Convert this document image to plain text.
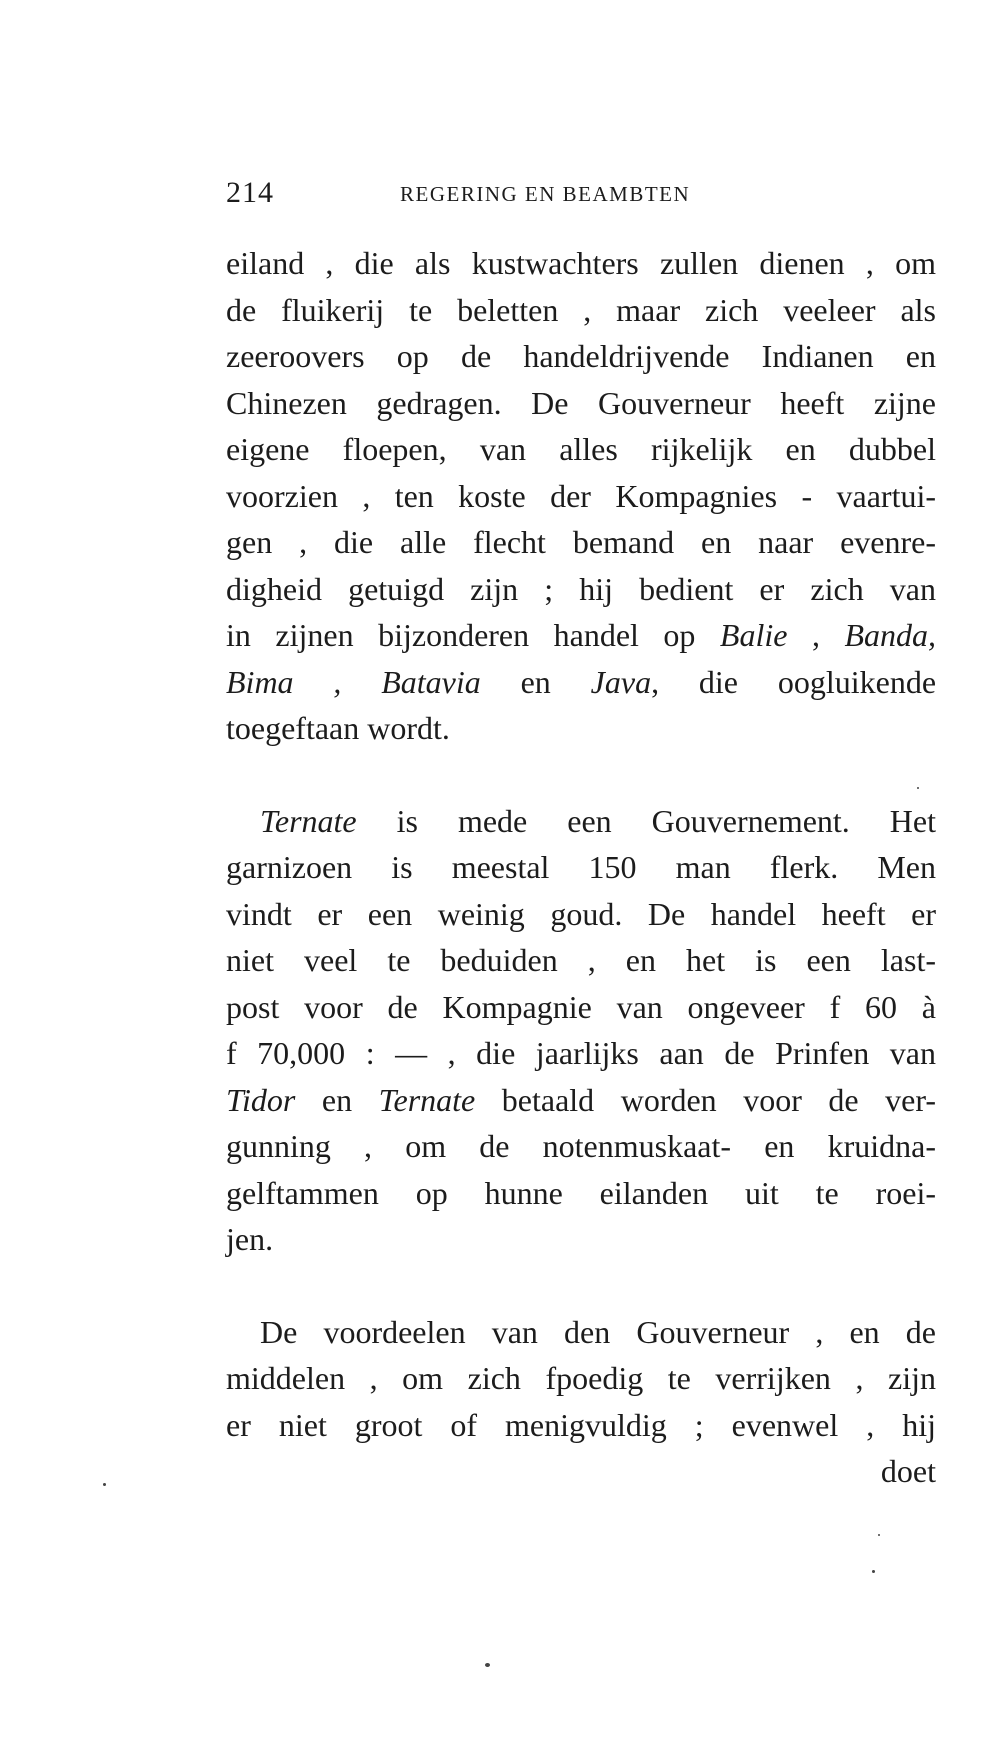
214	REGERING EN BEAMBTEN
eiland , die als kustwachters zullen dienen , om
de fluikerij te beletten , maar zich veeleer als
zeeroovers op de handeldrijvende Indianen en
Chinezen gedragen. De Gouverneur heeft zijne
eigene floepen, van alles rijkelijk en dubbel
voorzien , ten koste der Kompagnies - vaartui-
gen , die alle flecht bemand en naar evenre-
digheid getuigd zijn ; hij bedient er zich van
in zijnen bijzonderen handel op Balie , Banda,
Bima , Batavia en Java, die oogluikende
toegeftaan wordt.
Ternate is mede een Gouvernement. Het
garnizoen is meestal 150 man flerk. Men
vindt er een weinig goud. De handel heeft er
niet veel te beduiden , en het is een last-
post voor de Kompagnie van ongeveer f 60 à
f 70,000 : — , die jaarlijks aan de Prinfen van
Tidor en Ternate betaald worden voor de ver-
gunning , om de notenmuskaat- en kruidna-
gelftammen op hunne eilanden uit te roei-
jen.
De voordeelen van den Gouverneur , en de
middelen , om zich fpoedig te verrijken , zijn
er niet groot of menigvuldig ; evenwel , hij
doet
